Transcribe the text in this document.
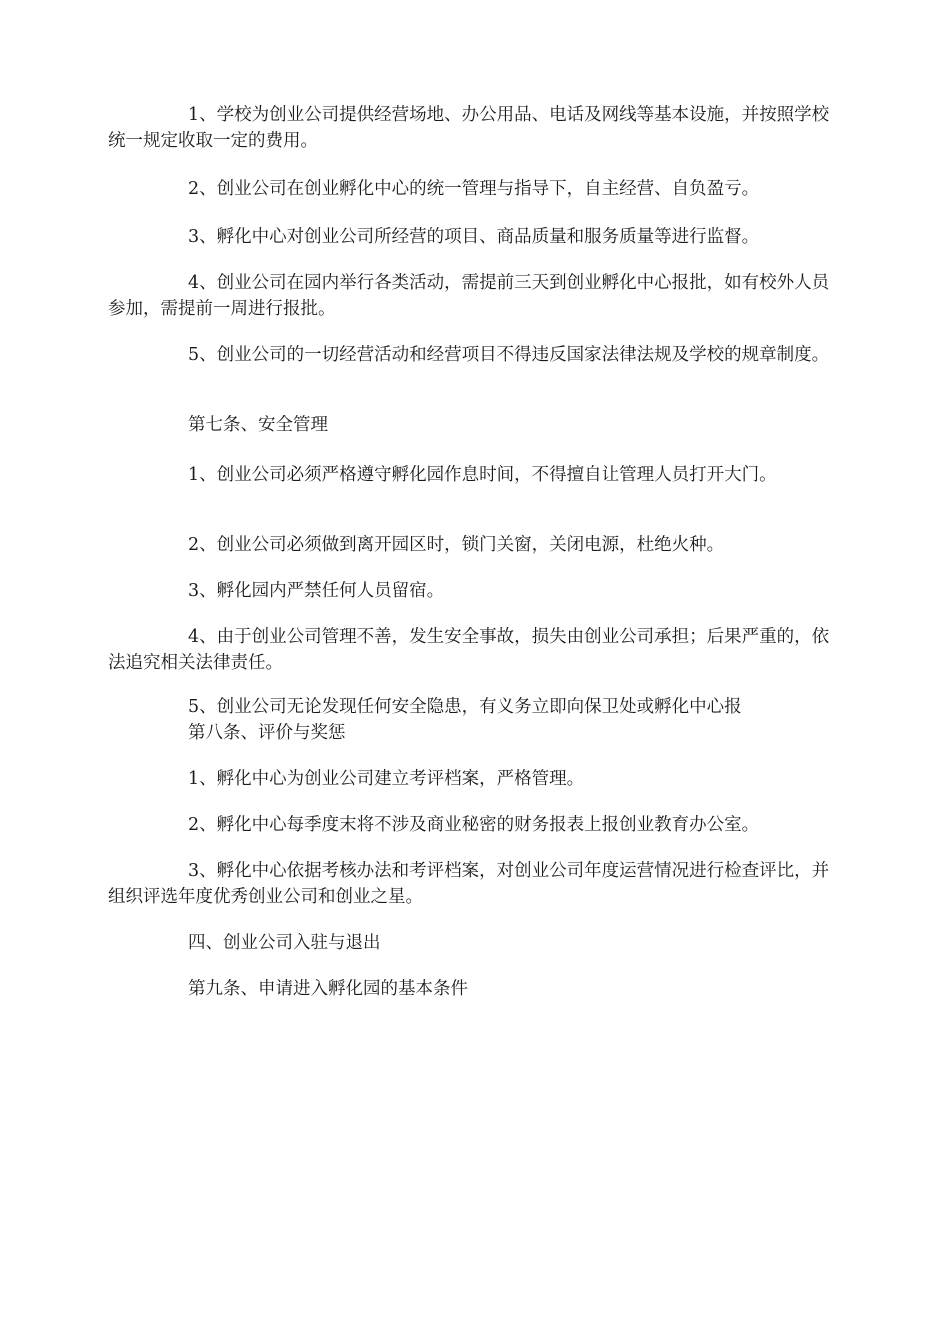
1、学校为创业公司提供经营场地、办公用品、电话及网线等基本设施，并按照学校统一规定收取一定的费用。

2、创业公司在创业孵化中心的统一管理与指导下，自主经营、自负盈亏。

3、孵化中心对创业公司所经营的项目、商品质量和服务质量等进行监督。

4、创业公司在园内举行各类活动，需提前三天到创业孵化中心报批，如有校外人员参加，需提前一周进行报批。

5、创业公司的一切经营活动和经营项目不得违反国家法律法规及学校的规章制度。

第七条、安全管理

1、创业公司必须严格遵守孵化园作息时间，不得擅自让管理人员打开大门。

2、创业公司必须做到离开园区时，锁门关窗，关闭电源，杜绝火种。

3、孵化园内严禁任何人员留宿。

4、由于创业公司管理不善，发生安全事故，损失由创业公司承担；后果严重的，依法追究相关法律责任。

5、创业公司无论发现任何安全隐患，有义务立即向保卫处或孵化中心报

第八条、评价与奖惩

1、孵化中心为创业公司建立考评档案，严格管理。

2、孵化中心每季度末将不涉及商业秘密的财务报表上报创业教育办公室。

3、孵化中心依据考核办法和考评档案，对创业公司年度运营情况进行检查评比，并组织评选年度优秀创业公司和创业之星。

四、创业公司入驻与退出

第九条、申请进入孵化园的基本条件
